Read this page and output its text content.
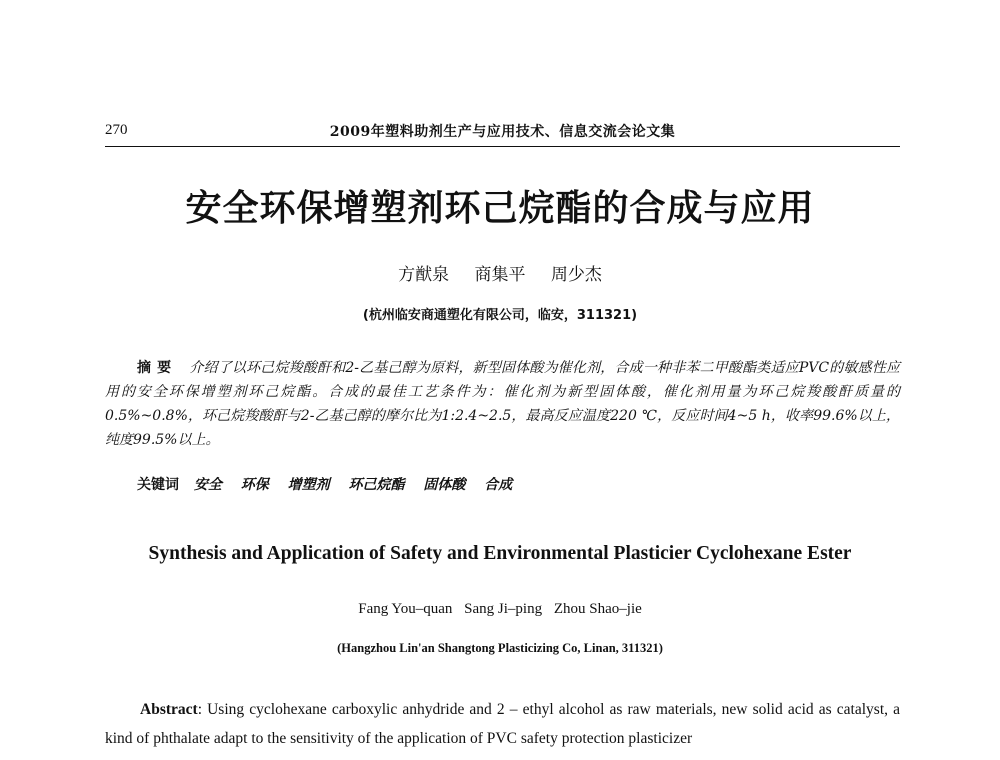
270	2009年塑料助剂生产与应用技术、信息交流会论文集
安全环保增塑剂环己烷酯的合成与应用
方猷泉 商集平 周少杰
(杭州临安商通塑化有限公司，临安，311321)
摘要 介绍了以环己烷羧酸酐和2-乙基己醇为原料，新型固体酸为催化剂，合成一种非苯二甲酸酯类适应PVC的敏感性应用的安全环保增塑剂环己烷酯。合成的最佳工艺条件为：催化剂为新型固体酸，催化剂用量为环己烷羧酸酐质量的0.5%~0.8%，环己烷羧酸酐与2-乙基己醇的摩尔比为1:2.4~2.5，最高反应温度220 ℃，反应时间4~5 h，收率99.6%以上，纯度99.5%以上。
关键词 安全 环保 增塑剂 环己烷酯 固体酸 合成
Synthesis and Application of Safety and Environmental Plasticier Cyclohexane Ester
Fang You–quan Sang Ji–ping Zhou Shao–jie
(Hangzhou Lin'an Shangtong Plasticizing Co, Linan, 311321)
Abstract: Using cyclohexane carboxylic anhydride and 2 – ethyl alcohol as raw materials, new solid acid as catalyst, a kind of phthalate adapt to the sensitivity of the application of PVC safety protection plasticizer
